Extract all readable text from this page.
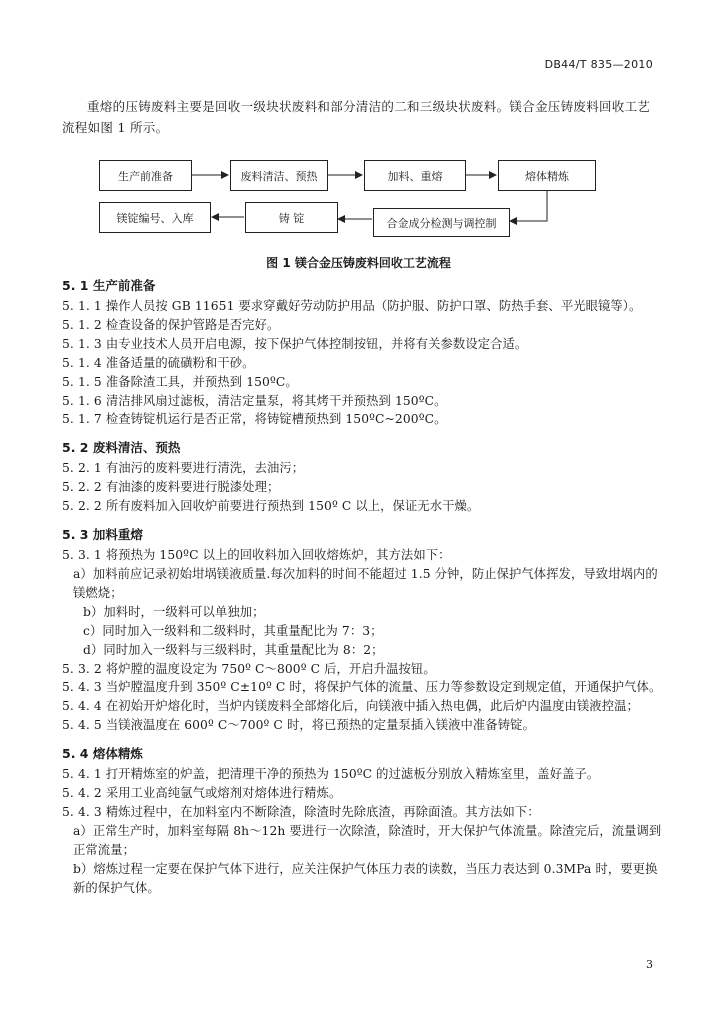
DB44/T 835—2010
重熔的压铸废料主要是回收一级块状废料和部分清洁的二和三级块状废料。镁合金压铸废料回收工艺流程如图 1 所示。
生产前准备	废料清洁、预热	加料、重熔	熔体精炼
合金成分检测与调控制
铸 锭
镁锭编号、入库
图 1 镁合金压铸废料回收工艺流程
5. 1 生产前准备
5. 1. 1 操作人员按 GB 11651 要求穿戴好劳动防护用品（防护服、防护口罩、防热手套、平光眼镜等）。
5. 1. 2 检查设备的保护管路是否完好。
5. 1. 3 由专业技术人员开启电源，按下保护气体控制按钮，并将有关参数设定合适。
5. 1. 4 准备适量的硫磺粉和干砂。
5. 1. 5 准备除渣工具，并预热到 150ºC。
5. 1. 6 清洁排风扇过滤板，清洁定量泵，将其烤干并预热到 150ºC。
5. 1. 7 检查铸锭机运行是否正常，将铸锭槽预热到 150ºC~200ºC。
5. 2 废料清洁、预热
5. 2. 1 有油污的废料要进行清洗，去油污；
5. 2. 2 有油漆的废料要进行脱漆处理；
5. 2. 2 所有废料加入回收炉前要进行预热到 150º C 以上，保证无水干燥。
5. 3 加料重熔
5. 3. 1 将预热为 150ºC 以上的回收料加入回收熔炼炉，其方法如下：
a）加料前应记录初始坩埚镁液质量.每次加料的时间不能超过 1.5 分钟，防止保护气体挥发，导致坩埚内的镁燃烧；
b）加料时，一级料可以单独加；
c）同时加入一级料和二级料时，其重量配比为 7：3；
d）同时加入一级料与三级料时，其重量配比为 8：2；
5. 3. 2 将炉膛的温度设定为 750º C～800º C 后，开启升温按钮。
5. 4. 3 当炉膛温度升到 350º C±10º C 时，将保护气体的流量、压力等参数设定到规定值，开通保护气体。
5. 4. 4 在初始开炉熔化时，当炉内镁废料全部熔化后，向镁液中插入热电偶，此后炉内温度由镁液控温；
5. 4. 5 当镁液温度在 600º C～700º C 时，将已预热的定量泵插入镁液中准备铸锭。
5. 4 熔体精炼
5. 4. 1 打开精炼室的炉盖，把清理干净的预热为 150ºC 的过滤板分别放入精炼室里，盖好盖子。
5. 4. 2 采用工业高纯氩气或熔剂对熔体进行精炼。
5. 4. 3 精炼过程中，在加料室内不断除渣，除渣时先除底渣，再除面渣。其方法如下：
a）正常生产时，加料室每隔 8h～12h 要进行一次除渣，除渣时，开大保护气体流量。除渣完后，流量调到正常流量；
b）熔炼过程一定要在保护气体下进行，应关注保护气体压力表的读数，当压力表达到 0.3MPa 时，要更换新的保护气体。
3
